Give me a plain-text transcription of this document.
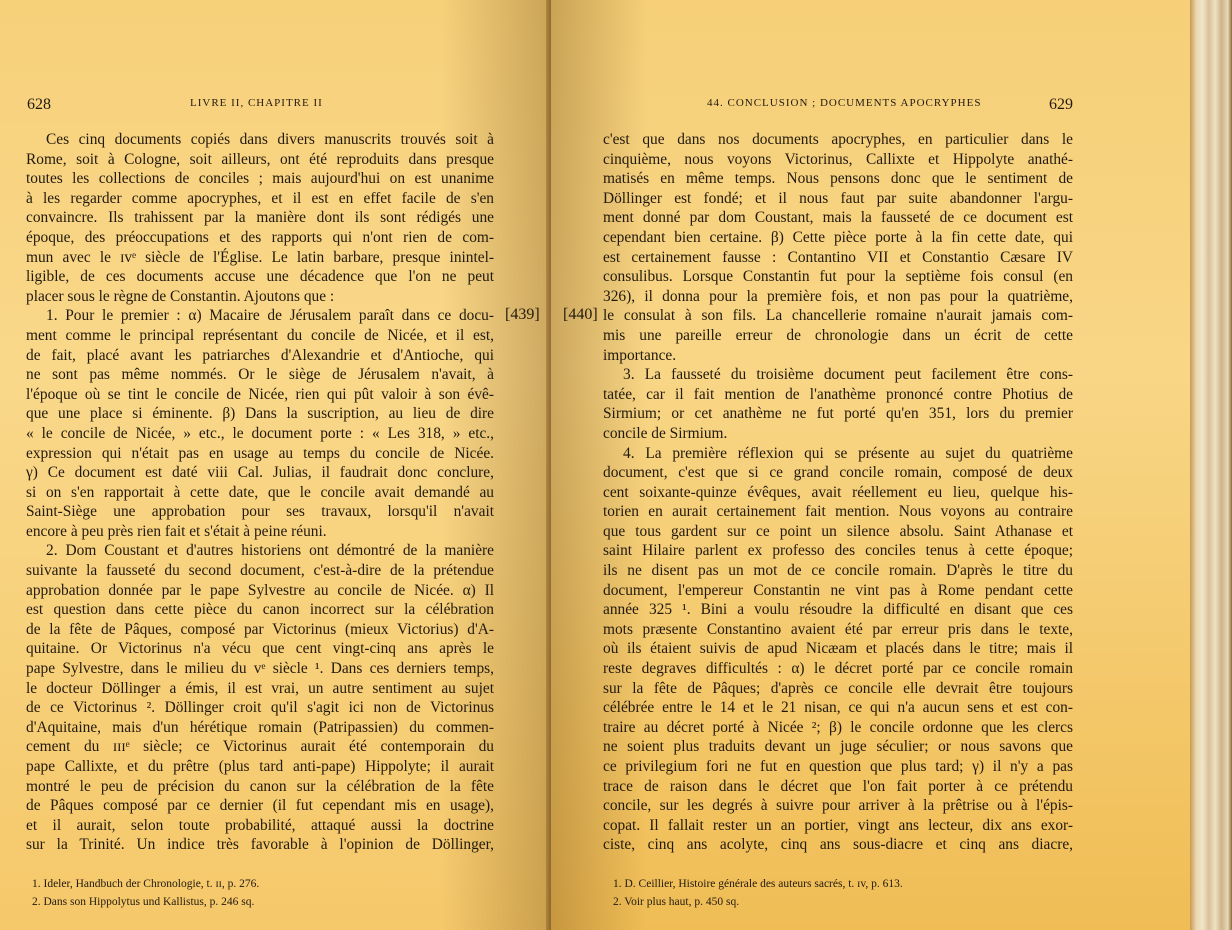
628	LIVRE II, CHAPITRE II
Ces cinq documents copiés dans divers manuscrits trouvés soit à
Rome, soit à Cologne, soit ailleurs, ont été reproduits dans presque
toutes les collections de conciles ; mais aujourd'hui on est unanime
à les regarder comme apocryphes, et il est en effet facile de s'en
convaincre. Ils trahissent par la manière dont ils sont rédigés une
époque, des préoccupations et des rapports qui n'ont rien de com-
mun avec le ɪvᵉ siècle de l'Église. Le latin barbare, presque inintel-
ligible, de ces documents accuse une décadence que l'on ne peut
placer sous le règne de Constantin. Ajoutons que :
1. Pour le premier : α) Macaire de Jérusalem paraît dans ce docu-
ment comme le principal représentant du concile de Nicée, et il est,
de fait, placé avant les patriarches d'Alexandrie et d'Antioche, qui
ne sont pas même nommés. Or le siège de Jérusalem n'avait, à
l'époque où se tint le concile de Nicée, rien qui pût valoir à son évê-
que une place si éminente. β) Dans la suscription, au lieu de dire
« le concile de Nicée, » etc., le document porte : « Les 318, » etc.,
expression qui n'était pas en usage au temps du concile de Nicée.
γ) Ce document est daté viii Cal. Julias, il faudrait donc conclure,
si on s'en rapportait à cette date, que le concile avait demandé au
Saint-Siège une approbation pour ses travaux, lorsqu'il n'avait
encore à peu près rien fait et s'était à peine réuni.
2. Dom Coustant et d'autres historiens ont démontré de la manière
suivante la fausseté du second document, c'est-à-dire de la prétendue
approbation donnée par le pape Sylvestre au concile de Nicée. α) Il
est question dans cette pièce du canon incorrect sur la célébration
de la fête de Pâques, composé par Victorinus (mieux Victorius) d'A-
quitaine. Or Victorinus n'a vécu que cent vingt-cinq ans après le
pape Sylvestre, dans le milieu du vᵉ siècle ¹. Dans ces derniers temps,
le docteur Döllinger a émis, il est vrai, un autre sentiment au sujet
de ce Victorinus ². Döllinger croit qu'il s'agit ici non de Victorinus
d'Aquitaine, mais d'un hérétique romain (Patripassien) du commen-
cement du ɪɪɪᵉ siècle; ce Victorinus aurait été contemporain du
pape Callixte, et du prêtre (plus tard anti-pape) Hippolyte; il aurait
montré le peu de précision du canon sur la célébration de la fête
de Pâques composé par ce dernier (il fut cependant mis en usage),
et il aurait, selon toute probabilité, attaqué aussi la doctrine
sur la Trinité. Un indice très favorable à l'opinion de Döllinger,
[439]
1. Ideler, Handbuch der Chronologie, t. ɪɪ, p. 276.
2. Dans son Hippolytus und Kallistus, p. 246 sq.
44. CONCLUSION ; DOCUMENTS APOCRYPHES	629
[440]
c'est que dans nos documents apocryphes, en particulier dans le
cinquième, nous voyons Victorinus, Callixte et Hippolyte anathé-
matisés en même temps. Nous pensons donc que le sentiment de
Döllinger est fondé; et il nous faut par suite abandonner l'argu-
ment donné par dom Coustant, mais la fausseté de ce document est
cependant bien certaine. β) Cette pièce porte à la fin cette date, qui
est certainement fausse : Contantino VII et Constantio Cæsare IV
consulibus. Lorsque Constantin fut pour la septième fois consul (en
326), il donna pour la première fois, et non pas pour la quatrième,
le consulat à son fils. La chancellerie romaine n'aurait jamais com-
mis une pareille erreur de chronologie dans un écrit de cette
importance.
3. La fausseté du troisième document peut facilement être cons-
tatée, car il fait mention de l'anathème prononcé contre Photius de
Sirmium; or cet anathème ne fut porté qu'en 351, lors du premier
concile de Sirmium.
4. La première réflexion qui se présente au sujet du quatrième
document, c'est que si ce grand concile romain, composé de deux
cent soixante-quinze évêques, avait réellement eu lieu, quelque his-
torien en aurait certainement fait mention. Nous voyons au contraire
que tous gardent sur ce point un silence absolu. Saint Athanase et
saint Hilaire parlent ex professo des conciles tenus à cette époque;
ils ne disent pas un mot de ce concile romain. D'après le titre du
document, l'empereur Constantin ne vint pas à Rome pendant cette
année 325 ¹. Bini a voulu résoudre la difficulté en disant que ces
mots præsente Constantino avaient été par erreur pris dans le texte,
où ils étaient suivis de apud Nicæam et placés dans le titre; mais il
reste degraves difficultés : α) le décret porté par ce concile romain
sur la fête de Pâques; d'après ce concile elle devrait être toujours
célébrée entre le 14 et le 21 nisan, ce qui n'a aucun sens et est con-
traire au décret porté à Nicée ²; β) le concile ordonne que les clercs
ne soient plus traduits devant un juge séculier; or nous savons que
ce privilegium fori ne fut en question que plus tard; γ) il n'y a pas
trace de raison dans le décret que l'on fait porter à ce prétendu
concile, sur les degrés à suivre pour arriver à la prêtrise ou à l'épis-
copat. Il fallait rester un an portier, vingt ans lecteur, dix ans exor-
ciste, cinq ans acolyte, cinq ans sous-diacre et cinq ans diacre,
1. D. Ceillier, Histoire générale des auteurs sacrés, t. ɪv, p. 613.
2. Voir plus haut, p. 450 sq.
